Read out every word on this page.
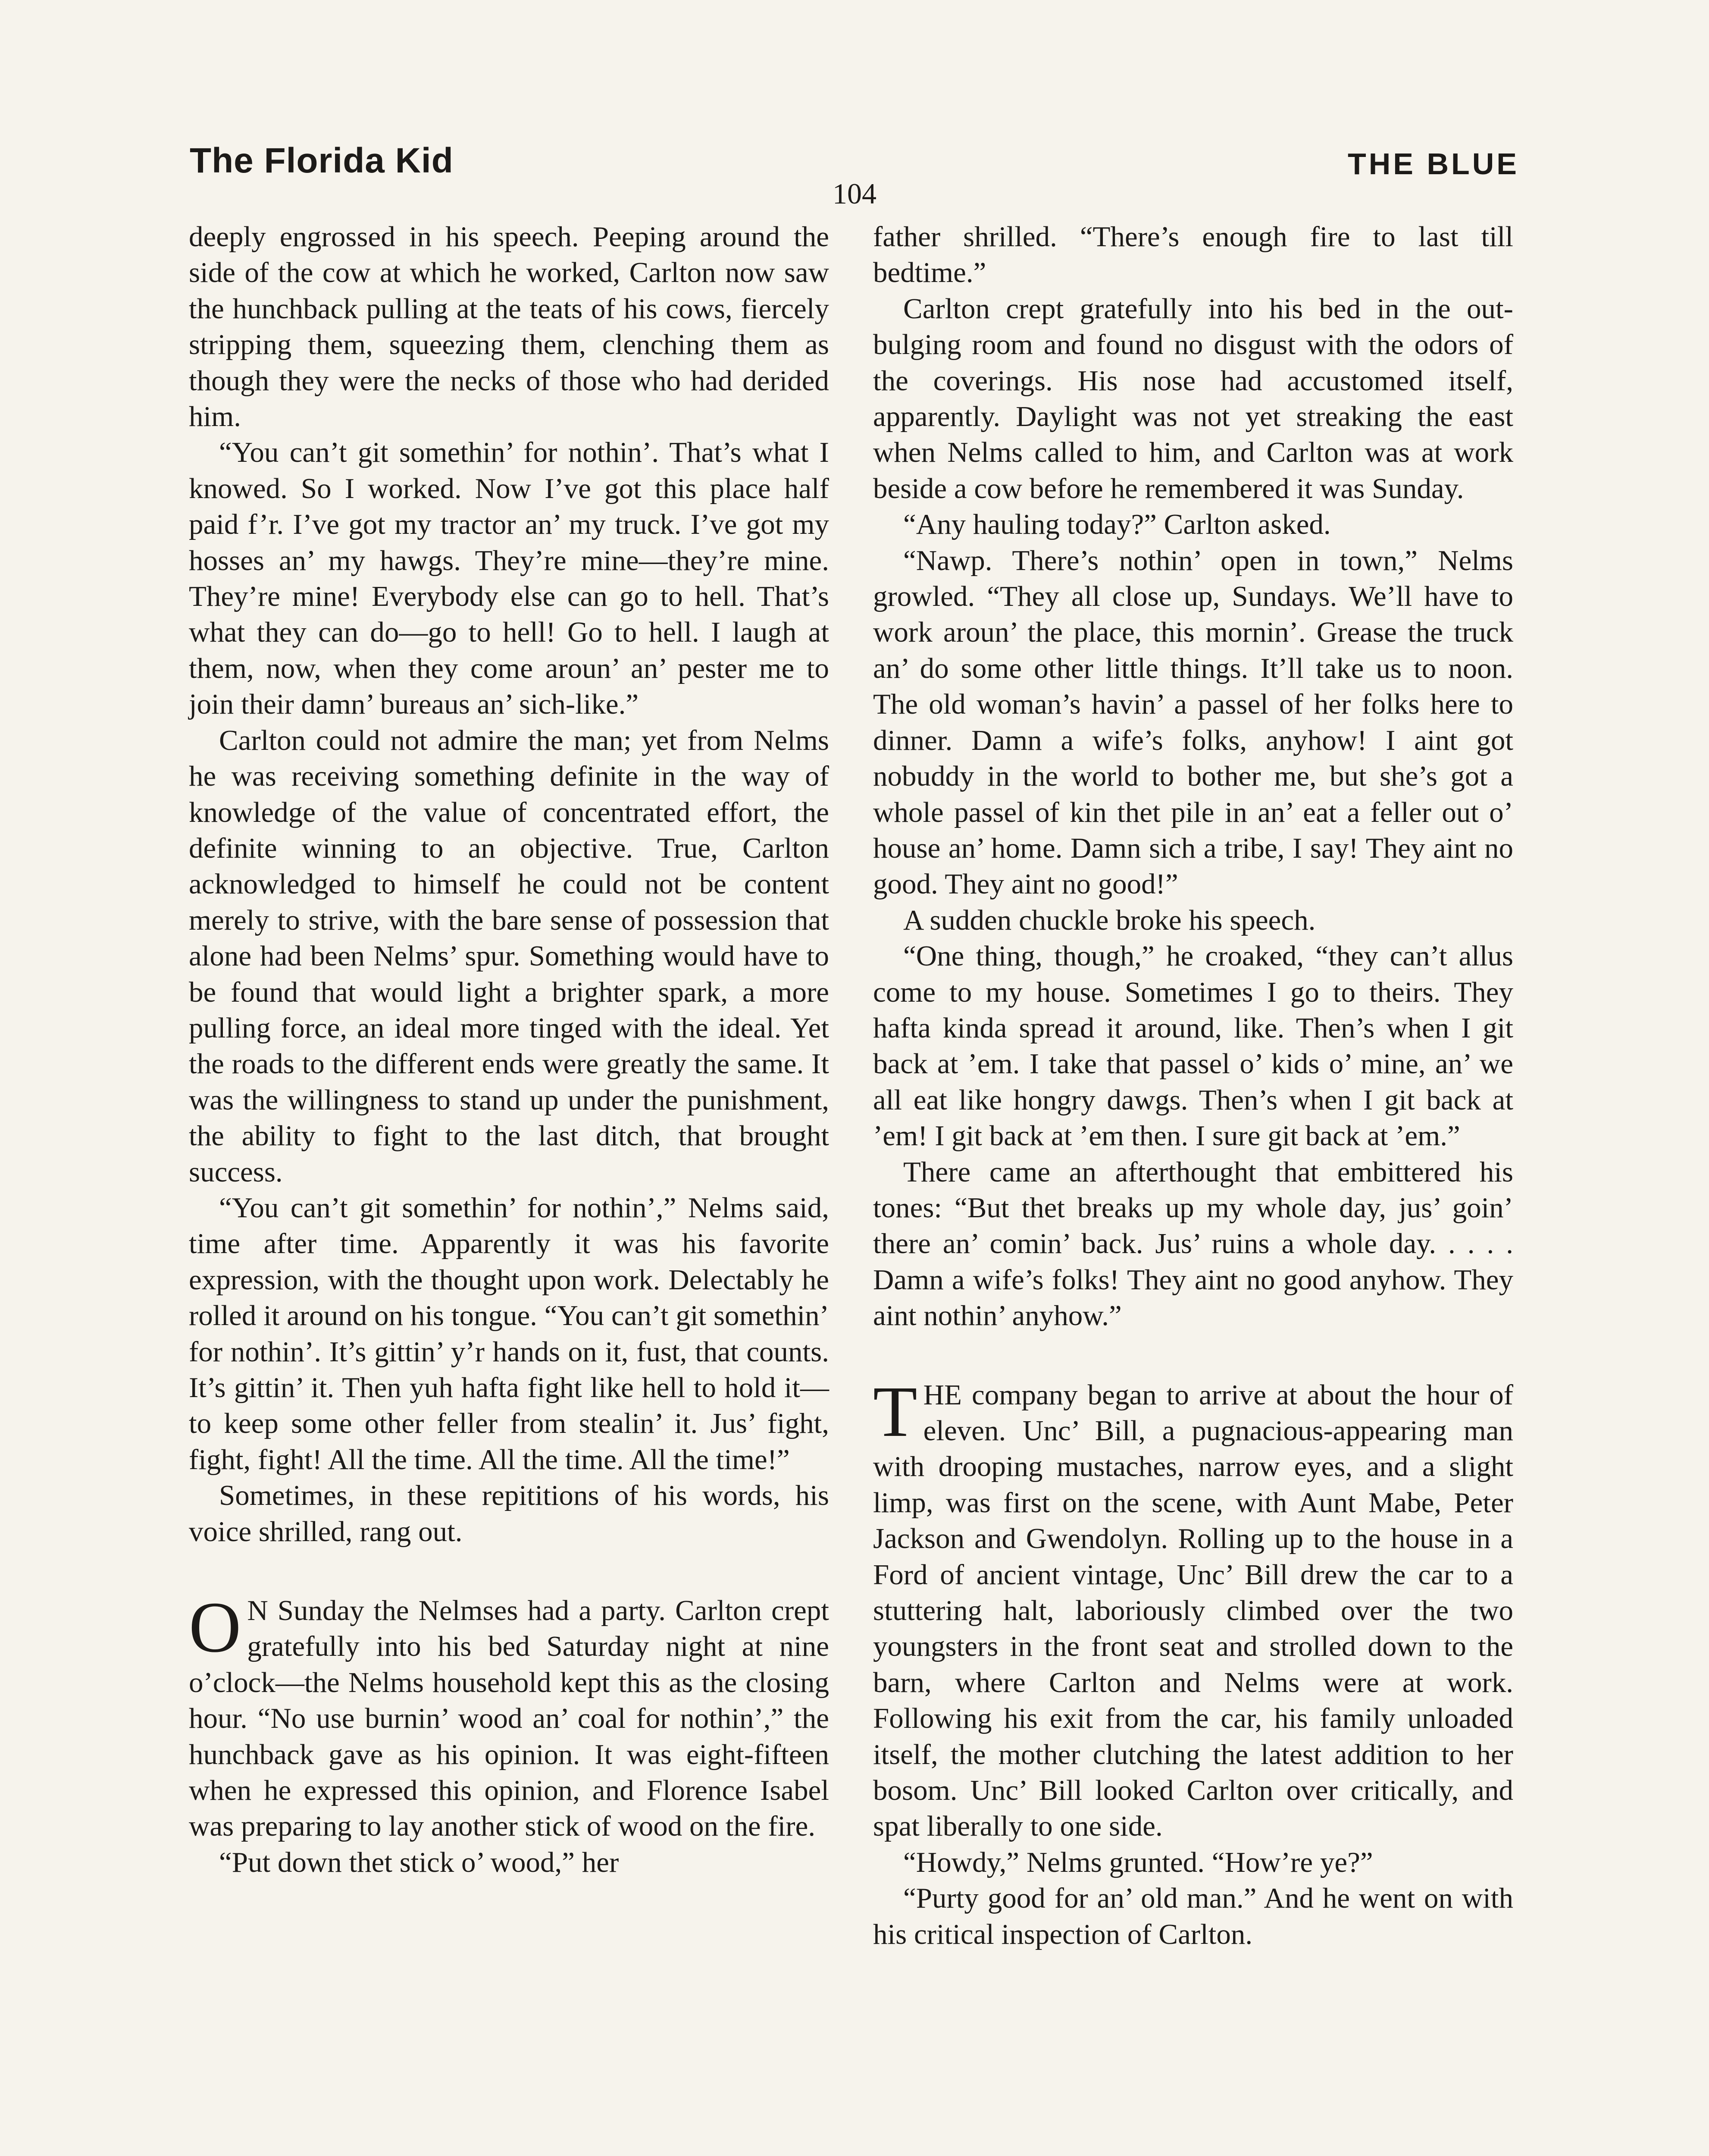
The Florida Kid	THE BLUE
104

deeply engrossed in his speech. Peeping around the side of the cow at which he worked, Carlton now saw the hunchback pulling at the teats of his cows, fiercely stripping them, squeezing them, clenching them as though they were the necks of those who had derided him.

“You can’t git somethin’ for nothin’. That’s what I knowed. So I worked. Now I’ve got this place half paid f’r. I’ve got my tractor an’ my truck. I’ve got my hosses an’ my hawgs. They’re mine—they’re mine. They’re mine! Everybody else can go to hell. That’s what they can do—go to hell! Go to hell. I laugh at them, now, when they come aroun’ an’ pester me to join their damn’ bureaus an’ sich-like.”

Carlton could not admire the man; yet from Nelms he was receiving something definite in the way of knowledge of the value of concentrated effort, the definite winning to an objective. True, Carlton acknowledged to himself he could not be content merely to strive, with the bare sense of possession that alone had been Nelms’ spur. Something would have to be found that would light a brighter spark, a more pulling force, an ideal more tinged with the ideal. Yet the roads to the different ends were greatly the same. It was the willingness to stand up under the punishment, the ability to fight to the last ditch, that brought success.

“You can’t git somethin’ for nothin’,” Nelms said, time after time. Apparently it was his favorite expression, with the thought upon work. Delectably he rolled it around on his tongue. “You can’t git somethin’ for nothin’. It’s gittin’ y’r hands on it, fust, that counts. It’s gittin’ it. Then yuh hafta fight like hell to hold it—to keep some other feller from stealin’ it. Jus’ fight, fight, fight! All the time. All the time. All the time!”

Sometimes, in these repititions of his words, his voice shrilled, rang out.

O N Sunday the Nelmses had a party. Carlton crept gratefully into his bed Saturday night at nine o’clock—the Nelms household kept this as the closing hour. “No use burnin’ wood an’ coal for nothin’,” the hunchback gave as his opinion. It was eight-fifteen when he expressed this opinion, and Florence Isabel was preparing to lay another stick of wood on the fire.

“Put down thet stick o’ wood,” her

father shrilled. “There’s enough fire to last till bedtime.”

Carlton crept gratefully into his bed in the out-bulging room and found no disgust with the odors of the coverings. His nose had accustomed itself, apparently. Daylight was not yet streaking the east when Nelms called to him, and Carlton was at work beside a cow before he remembered it was Sunday.

“Any hauling today?” Carlton asked.

“Nawp. There’s nothin’ open in town,” Nelms growled. “They all close up, Sundays. We’ll have to work aroun’ the place, this mornin’. Grease the truck an’ do some other little things. It’ll take us to noon. The old woman’s havin’ a passel of her folks here to dinner. Damn a wife’s folks, anyhow! I aint got nobuddy in the world to bother me, but she’s got a whole passel of kin thet pile in an’ eat a feller out o’ house an’ home. Damn sich a tribe, I say! They aint no good. They aint no good!”

A sudden chuckle broke his speech.

“One thing, though,” he croaked, “they can’t allus come to my house. Sometimes I go to theirs. They hafta kinda spread it around, like. Then’s when I git back at ’em. I take that passel o’ kids o’ mine, an’ we all eat like hongry dawgs. Then’s when I git back at ’em! I git back at ’em then. I sure git back at ’em.”

There came an afterthought that embittered his tones: “But thet breaks up my whole day, jus’ goin’ there an’ comin’ back. Jus’ ruins a whole day. . . . . Damn a wife’s folks! They aint no good anyhow. They aint nothin’ anyhow.”

T HE company began to arrive at about the hour of eleven. Unc’ Bill, a pugnacious-appearing man with drooping mustaches, narrow eyes, and a slight limp, was first on the scene, with Aunt Mabe, Peter Jackson and Gwendolyn. Rolling up to the house in a Ford of ancient vintage, Unc’ Bill drew the car to a stuttering halt, laboriously climbed over the two youngsters in the front seat and strolled down to the barn, where Carlton and Nelms were at work. Following his exit from the car, his family unloaded itself, the mother clutching the latest addition to her bosom. Unc’ Bill looked Carlton over critically, and spat liberally to one side.

“Howdy,” Nelms grunted. “How’re ye?”

“Purty good for an’ old man.” And he went on with his critical inspection of Carlton.
